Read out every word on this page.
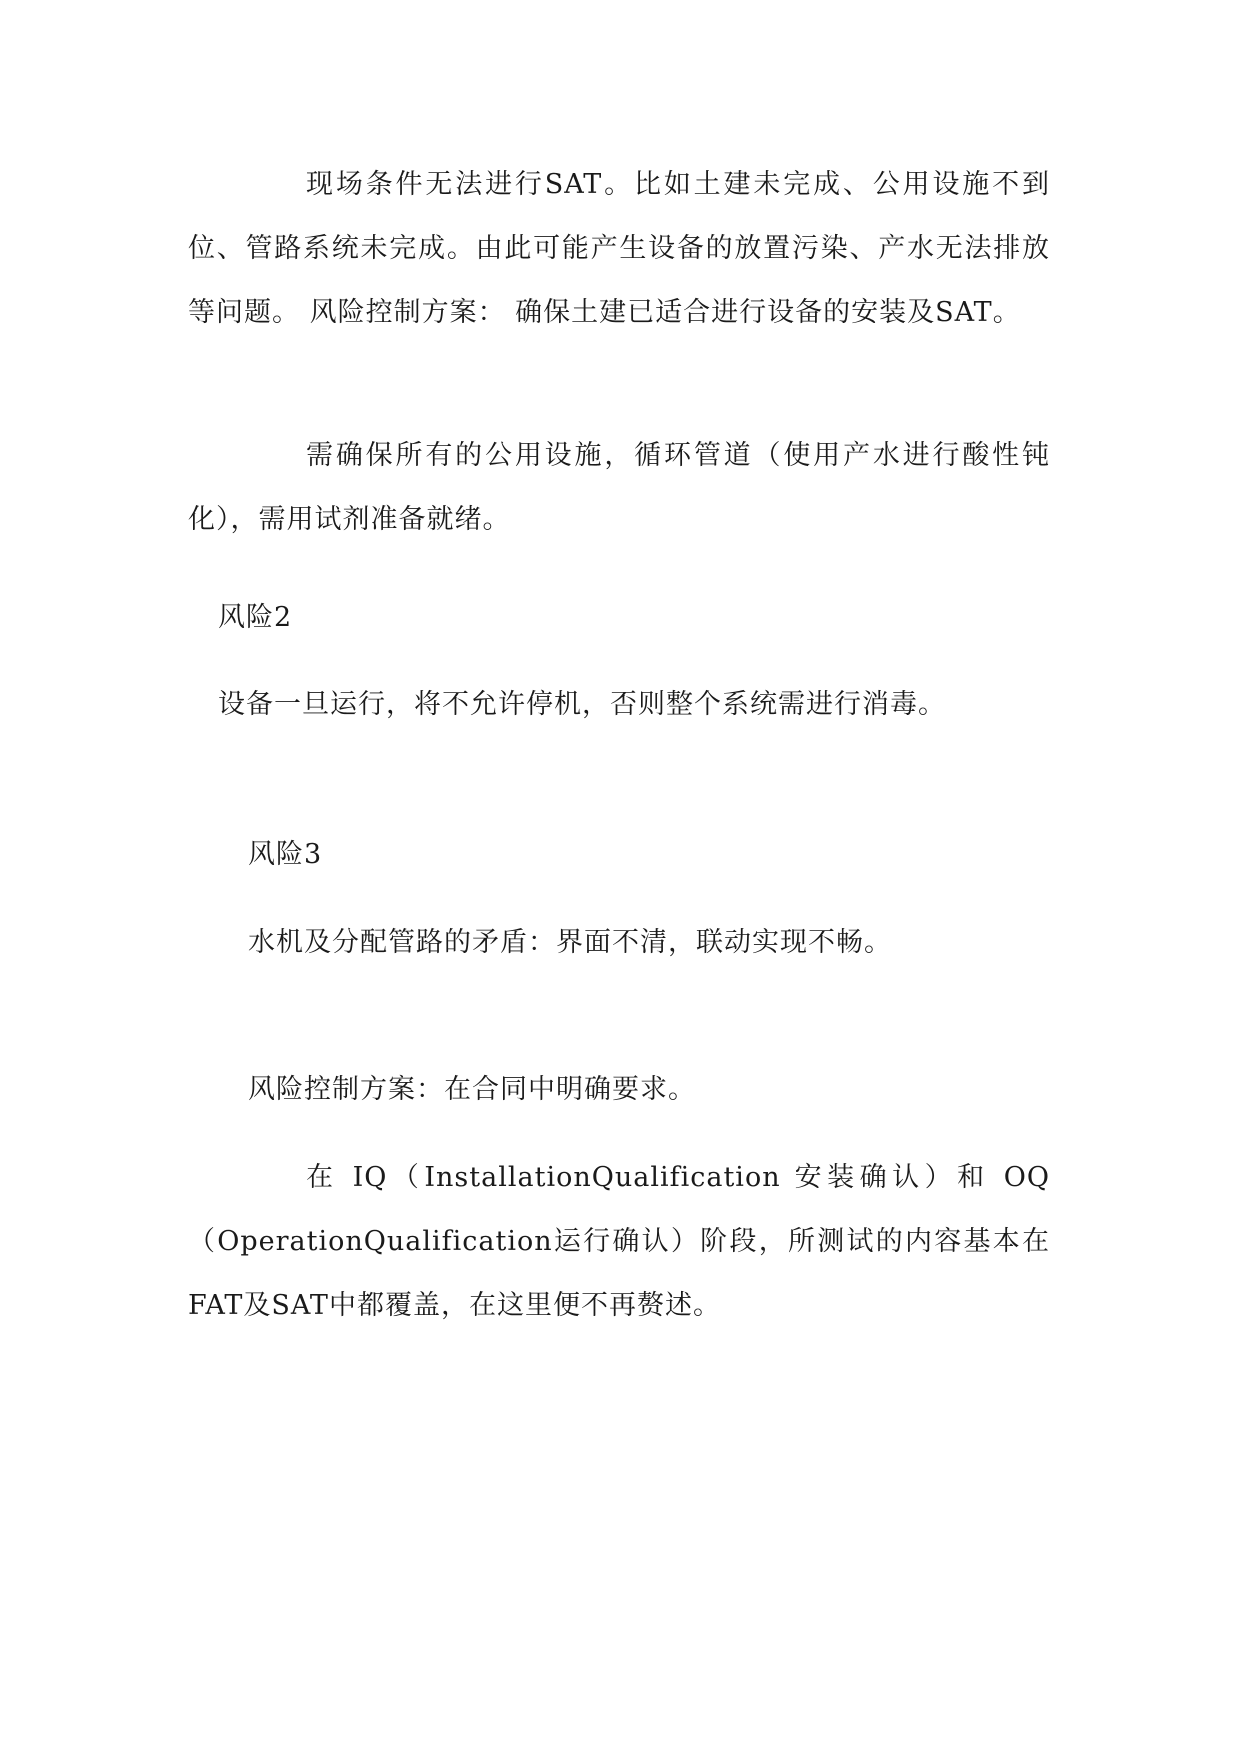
现场条件无法进行SAT。比如土建未完成、公用设施不到位、管路系统未完成。由此可能产生设备的放置污染、产水无法排放等问题。 风险控制方案： 确保土建已适合进行设备的安装及SAT。

需确保所有的公用设施，循环管道（使用产水进行酸性钝化），需用试剂准备就绪。

风险2

设备一旦运行，将不允许停机，否则整个系统需进行消毒。

风险3

水机及分配管路的矛盾：界面不清，联动实现不畅。

风险控制方案：在合同中明确要求。

在 IQ（InstallationQualification 安装确认）和 OQ（OperationQualification运行确认）阶段，所测试的内容基本在FAT及SAT中都覆盖，在这里便不再赘述。
